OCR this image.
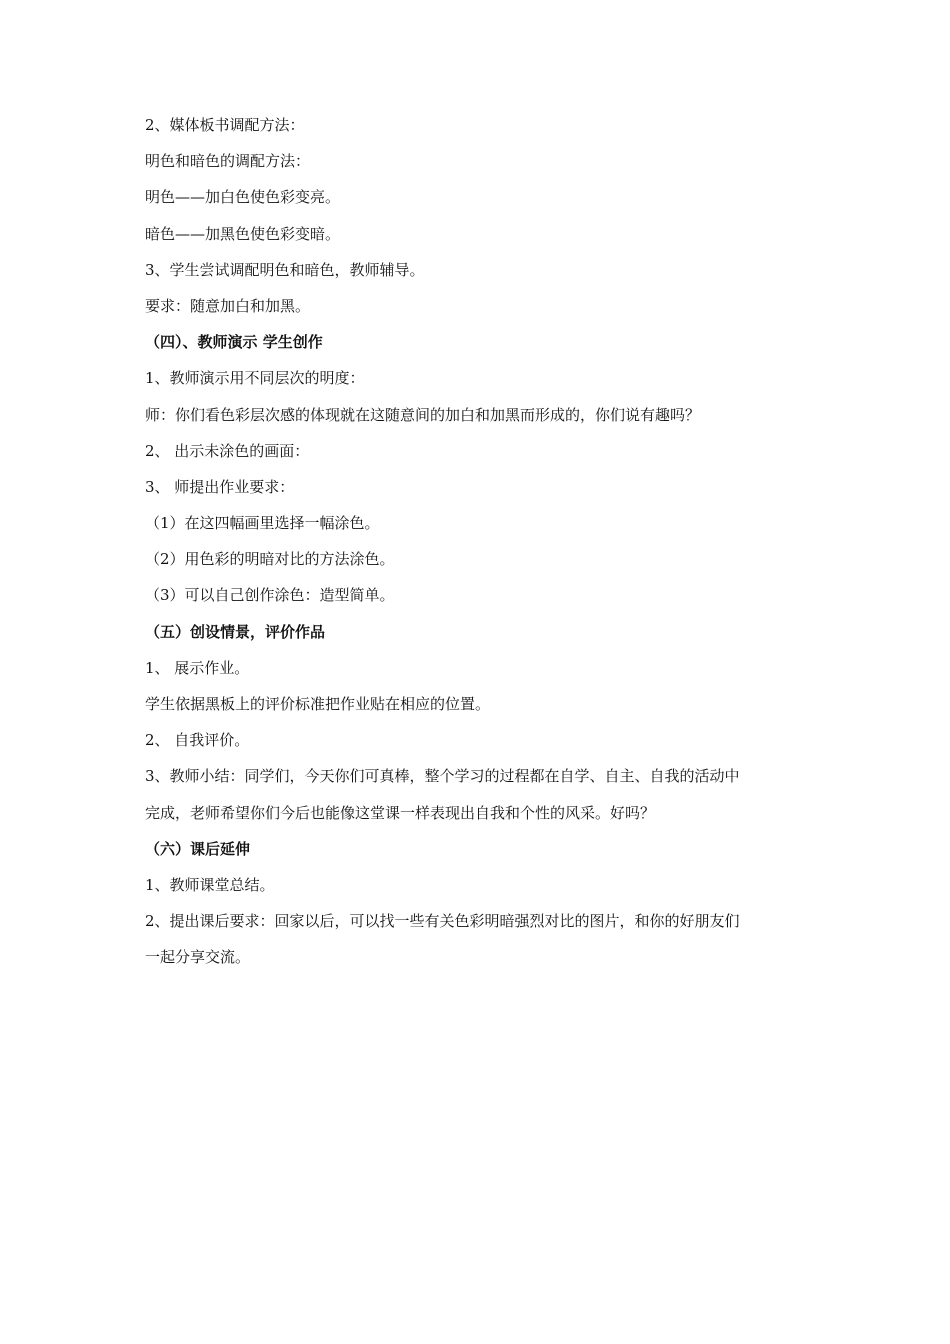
2、媒体板书调配方法：
明色和暗色的调配方法：
明色——加白色使色彩变亮。
暗色——加黑色使色彩变暗。
3、学生尝试调配明色和暗色，教师辅导。
要求：随意加白和加黑。
（四）、教师演示 学生创作
1、教师演示用不同层次的明度：
师：你们看色彩层次感的体现就在这随意间的加白和加黑而形成的，你们说有趣吗？
2、 出示未涂色的画面：
3、 师提出作业要求：
（1）在这四幅画里选择一幅涂色。
（2）用色彩的明暗对比的方法涂色。
（3）可以自己创作涂色：造型简单。
（五）创设情景，评价作品
1、 展示作业。
学生依据黑板上的评价标准把作业贴在相应的位置。
2、 自我评价。
3、教师小结：同学们，今天你们可真棒，整个学习的过程都在自学、自主、自我的活动中
完成，老师希望你们今后也能像这堂课一样表现出自我和个性的风采。好吗？
（六）课后延伸
1、教师课堂总结。
2、提出课后要求：回家以后，可以找一些有关色彩明暗强烈对比的图片，和你的好朋友们
一起分享交流。
